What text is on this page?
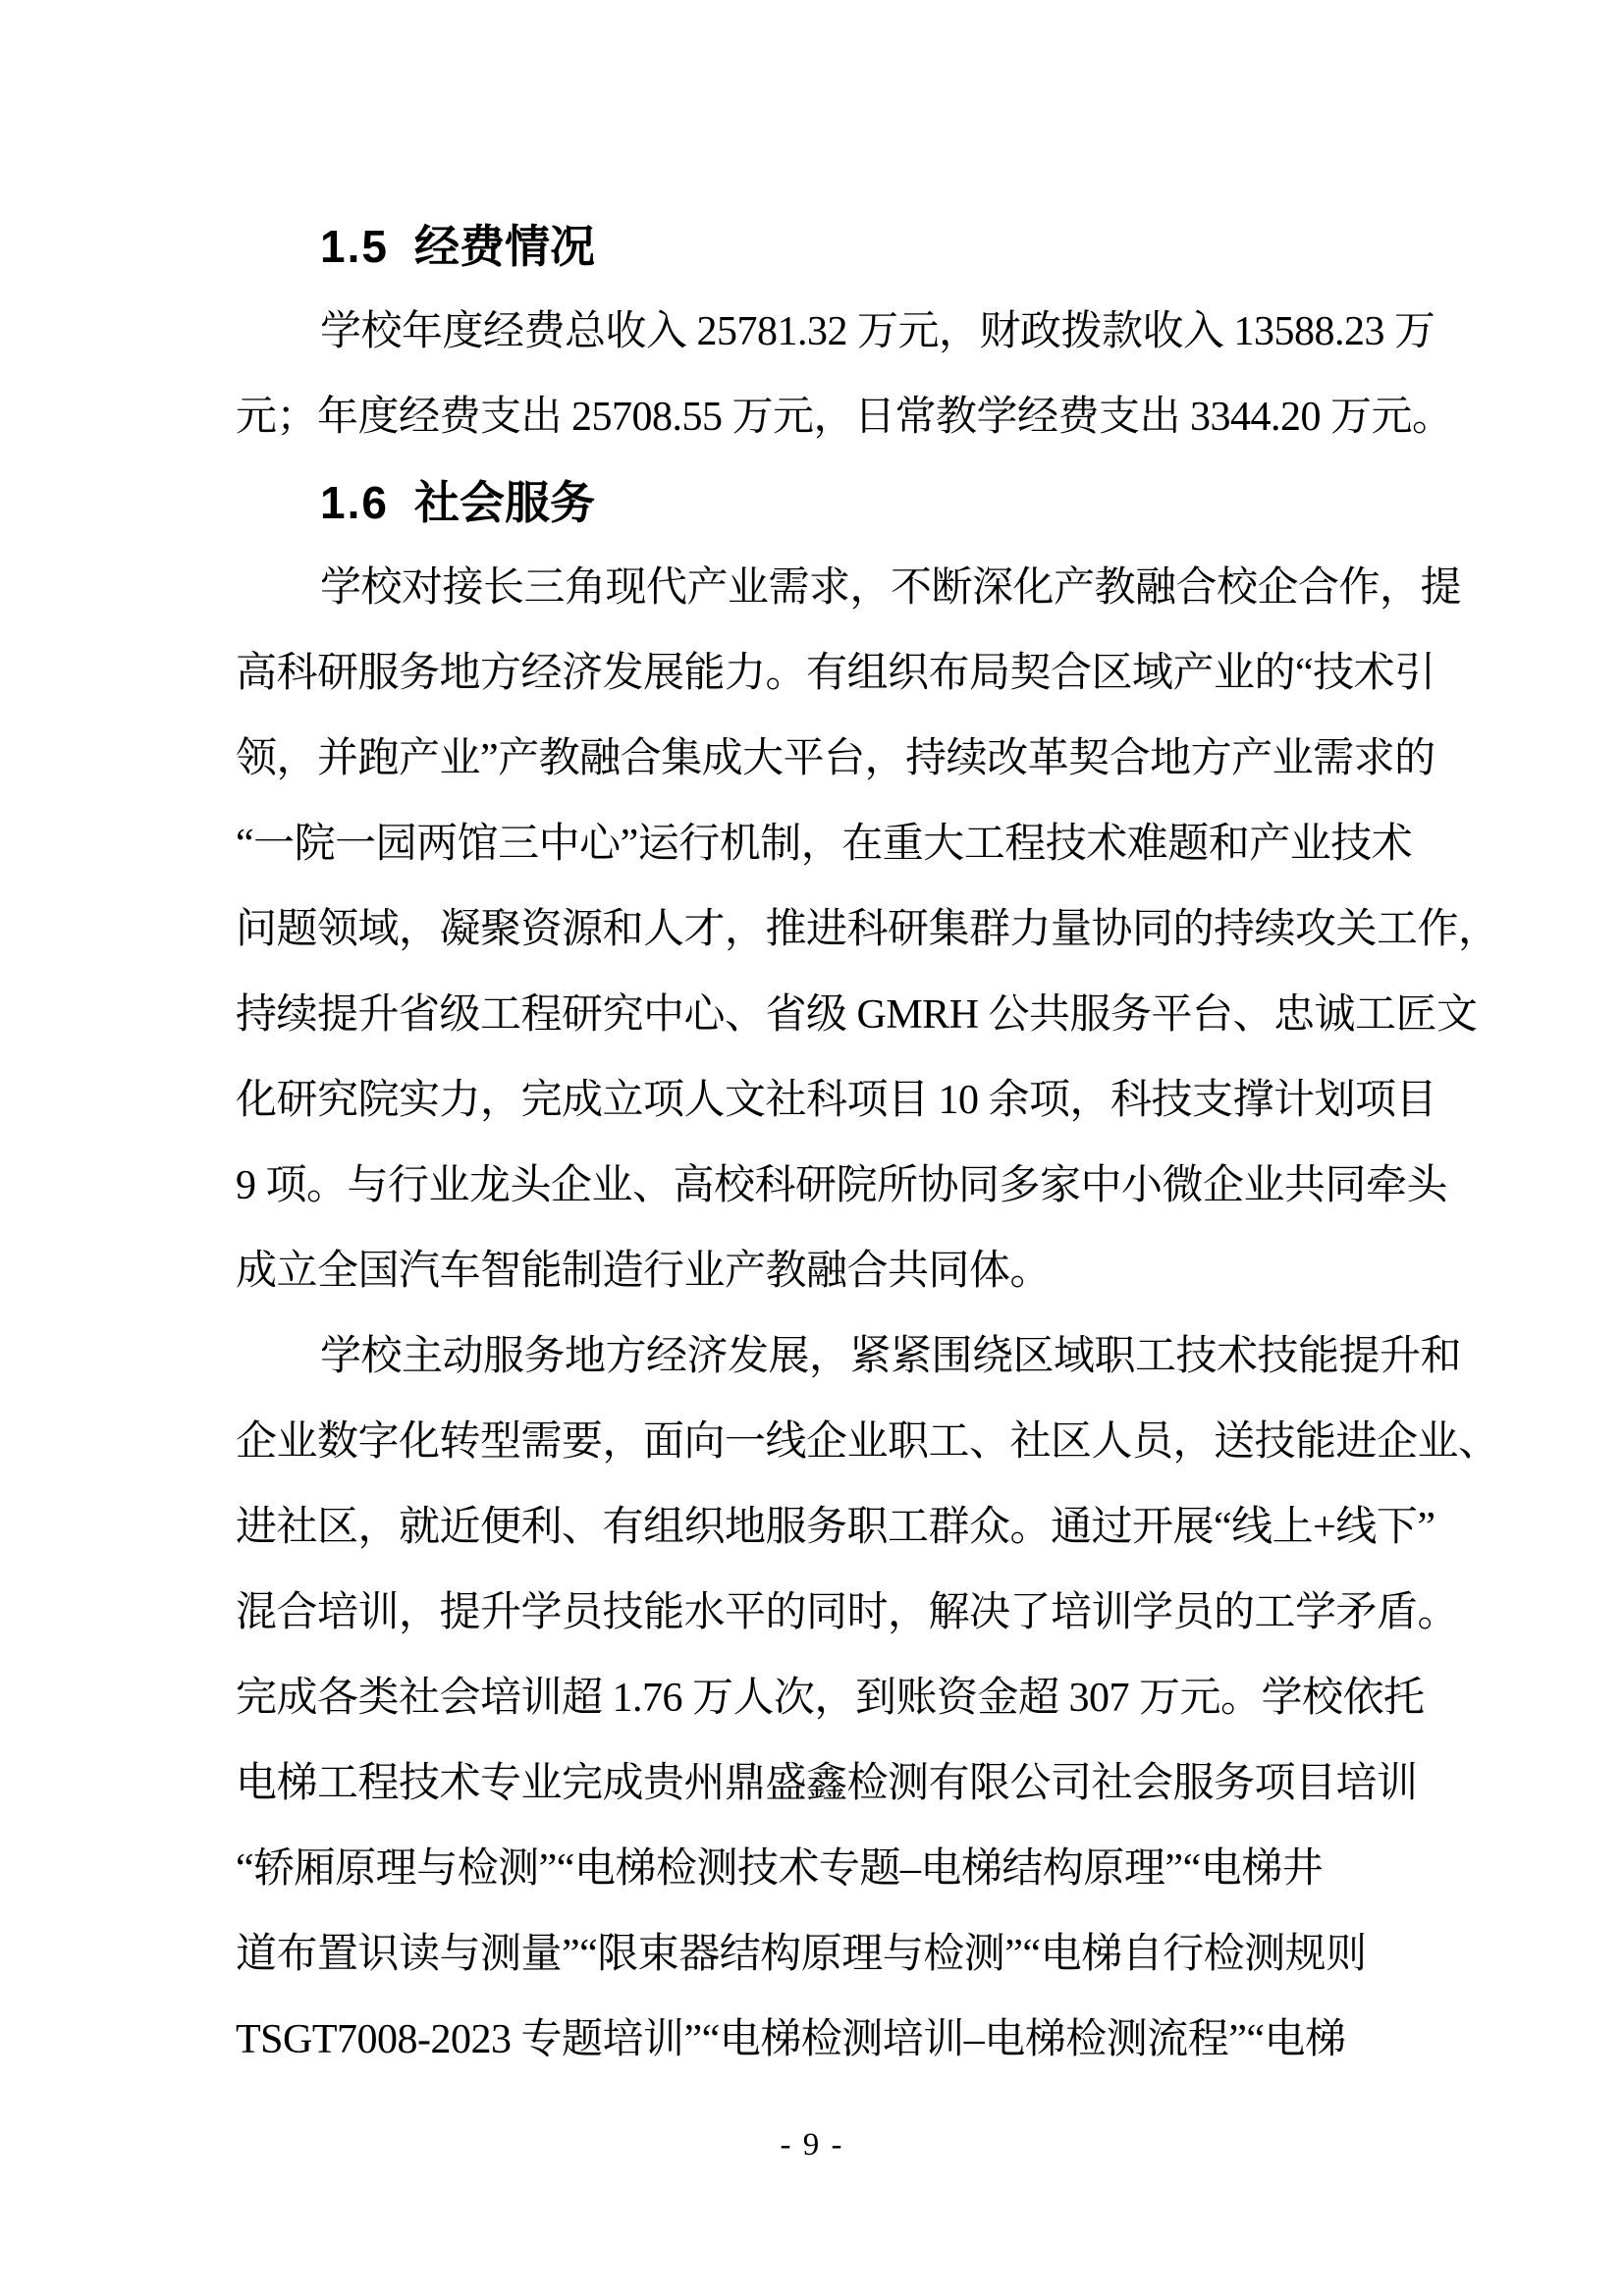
1.5 经费情况
学校年度经费总收入 25781.32 万元，财政拨款收入 13588.23 万
元；年度经费支出 25708.55 万元，日常教学经费支出 3344.20 万元。
1.6 社会服务
学校对接长三角现代产业需求，不断深化产教融合校企合作，提
高科研服务地方经济发展能力。有组织布局契合区域产业的“技术引
领，并跑产业”产教融合集成大平台，持续改革契合地方产业需求的
“一院一园两馆三中心”运行机制，在重大工程技术难题和产业技术
问题领域，凝聚资源和人才，推进科研集群力量协同的持续攻关工作，
持续提升省级工程研究中心、省级 GMRH 公共服务平台、忠诚工匠文
化研究院实力，完成立项人文社科项目 10 余项，科技支撑计划项目
9 项。与行业龙头企业、高校科研院所协同多家中小微企业共同牵头
成立全国汽车智能制造行业产教融合共同体。
学校主动服务地方经济发展，紧紧围绕区域职工技术技能提升和
企业数字化转型需要，面向一线企业职工、社区人员，送技能进企业、
进社区，就近便利、有组织地服务职工群众。通过开展“线上+线下”
混合培训，提升学员技能水平的同时，解决了培训学员的工学矛盾。
完成各类社会培训超 1.76 万人次，到账资金超 307 万元。学校依托
电梯工程技术专业完成贵州鼎盛鑫检测有限公司社会服务项目培训
“轿厢原理与检测”“电梯检测技术专题–电梯结构原理”“电梯井
道布置识读与测量”“限束器结构原理与检测”“电梯自行检测规则
TSGT7008-2023 专题培训”“电梯检测培训–电梯检测流程”“电梯
- 9 -
